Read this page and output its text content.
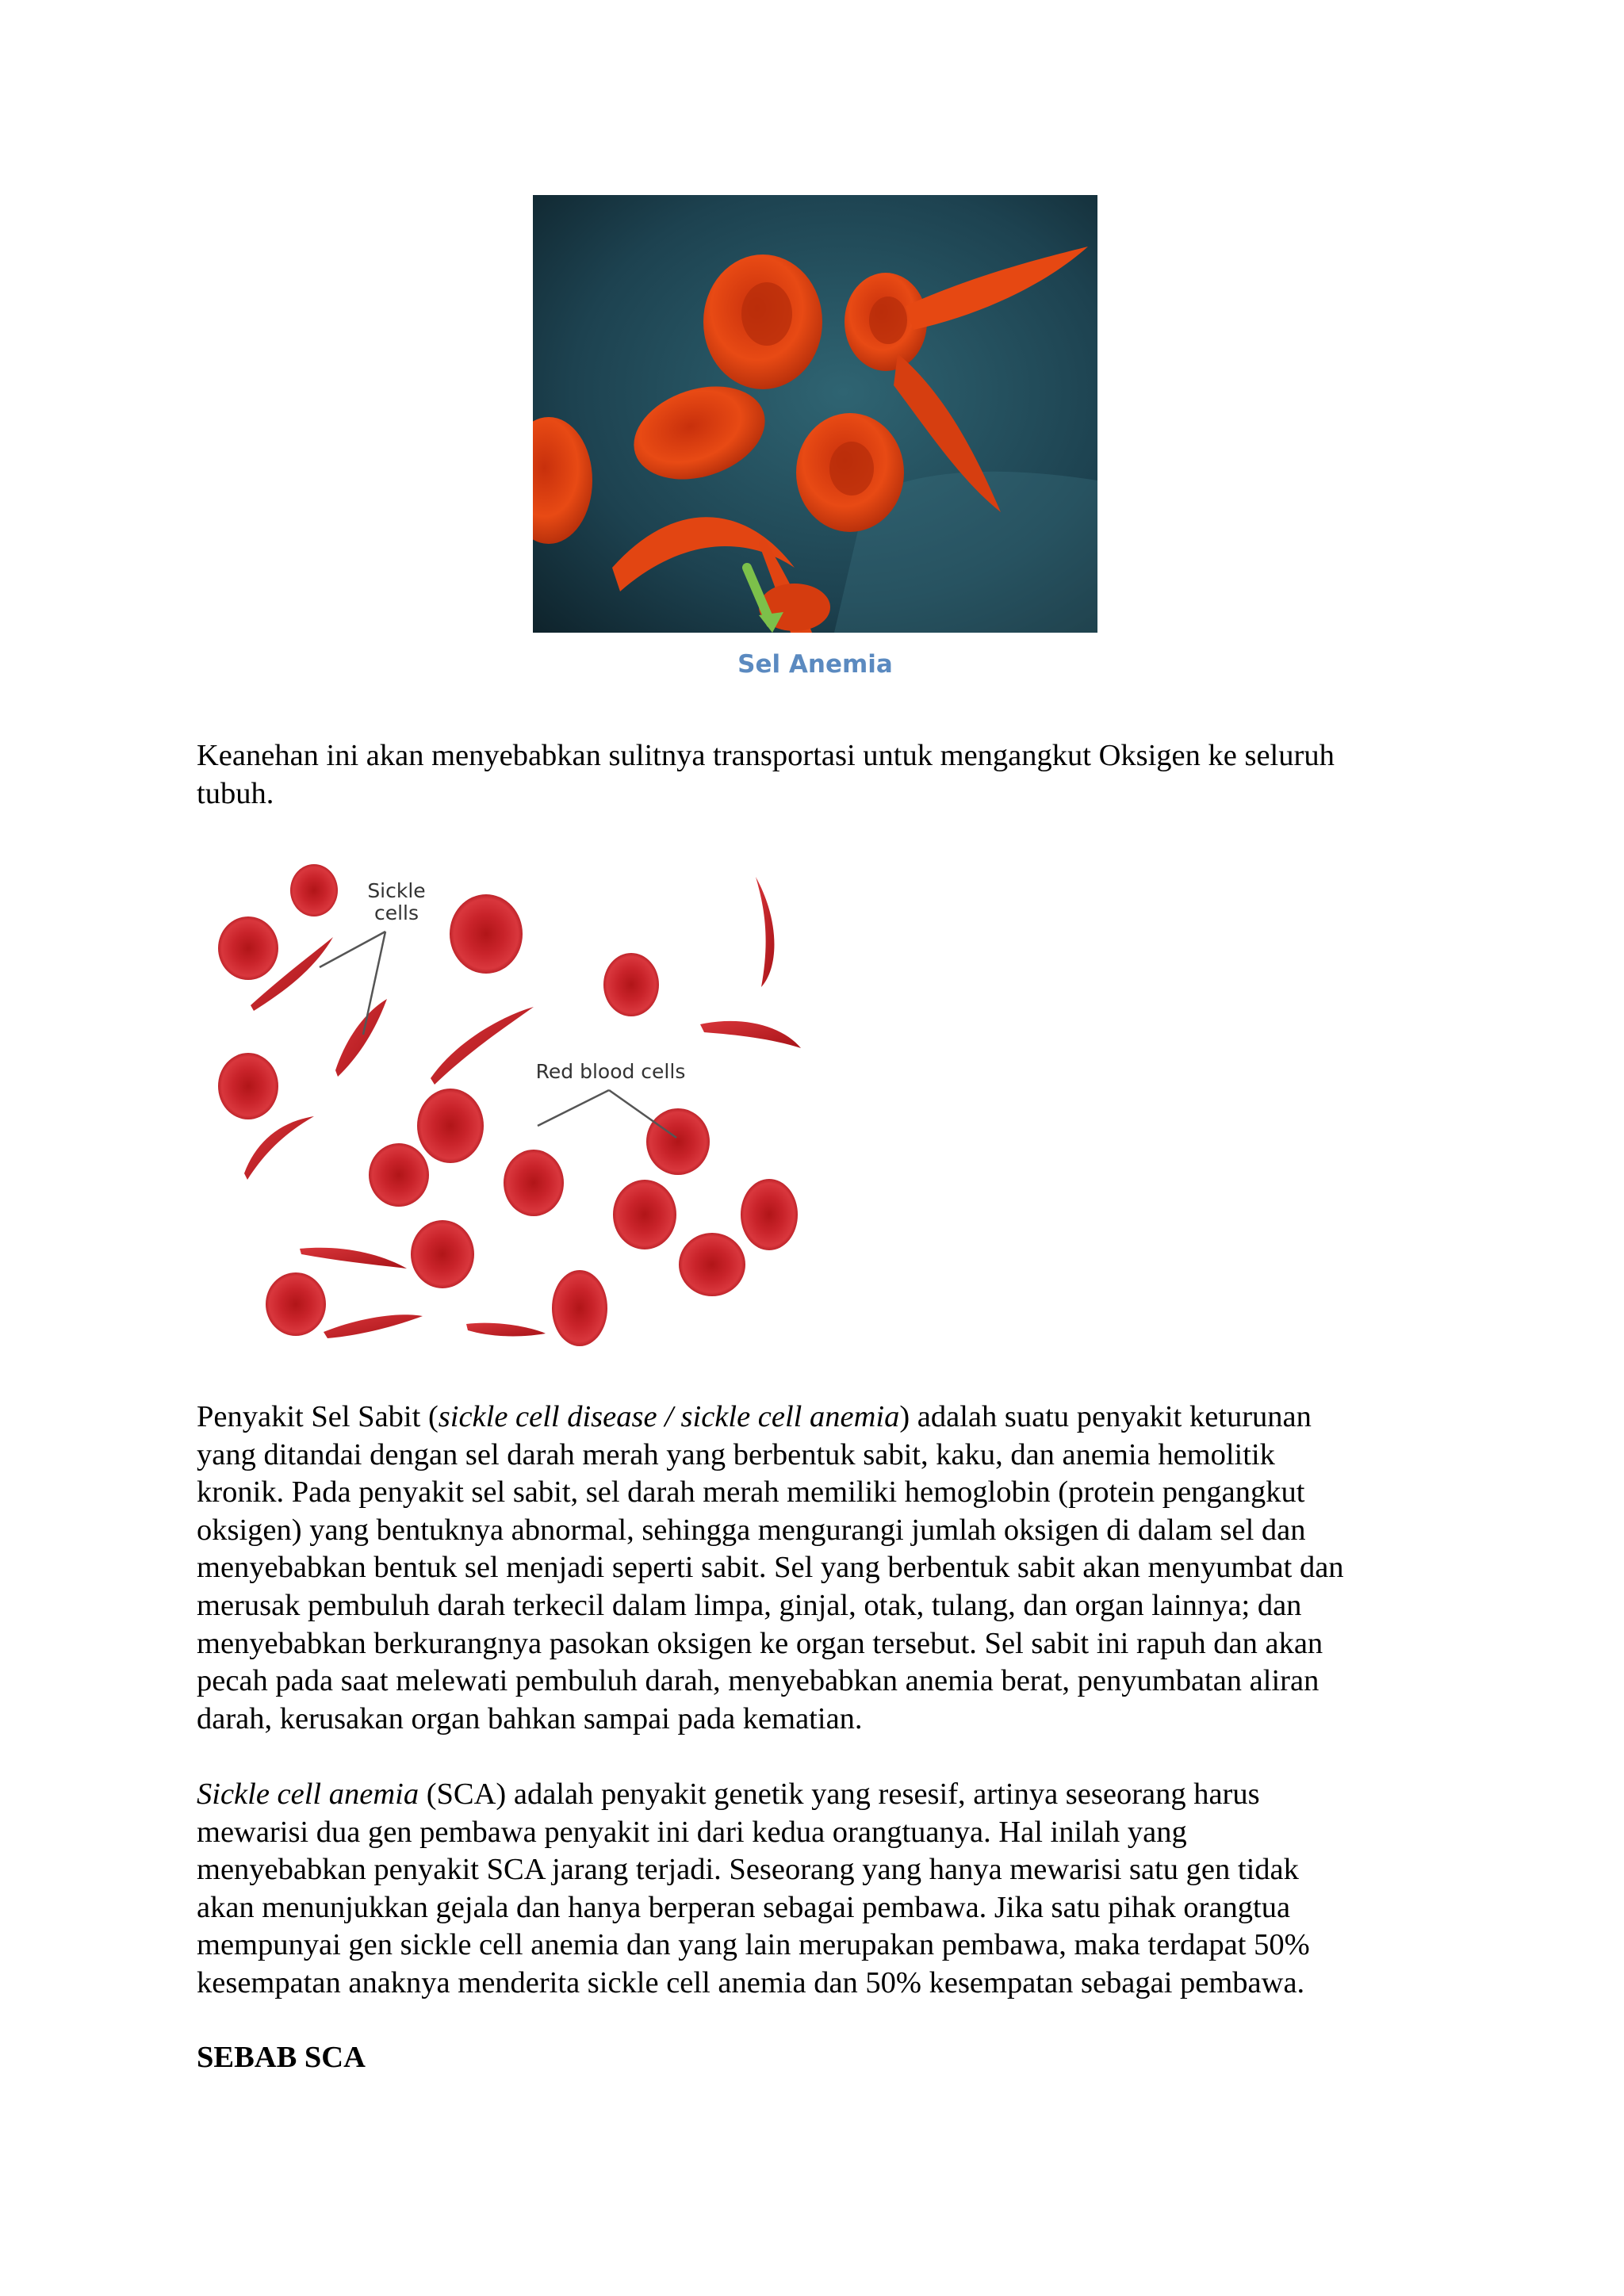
Sel Anemia
Keanehan ini akan menyebabkan sulitnya transportasi untuk mengangkut Oksigen ke seluruh
tubuh.
Sickle
cells
Red blood cells
Penyakit Sel Sabit (sickle cell disease / sickle cell anemia) adalah suatu penyakit keturunan
yang ditandai dengan sel darah merah yang berbentuk sabit, kaku, dan anemia hemolitik
kronik. Pada penyakit sel sabit, sel darah merah memiliki hemoglobin (protein pengangkut
oksigen) yang bentuknya abnormal, sehingga mengurangi jumlah oksigen di dalam sel dan
menyebabkan bentuk sel menjadi seperti sabit. Sel yang berbentuk sabit akan menyumbat dan
merusak pembuluh darah terkecil dalam limpa, ginjal, otak, tulang, dan organ lainnya; dan
menyebabkan berkurangnya pasokan oksigen ke organ tersebut. Sel sabit ini rapuh dan akan
pecah pada saat melewati pembuluh darah, menyebabkan anemia berat, penyumbatan aliran
darah, kerusakan organ bahkan sampai pada kematian.
Sickle cell anemia (SCA) adalah penyakit genetik yang resesif, artinya seseorang harus
mewarisi dua gen pembawa penyakit ini dari kedua orangtuanya. Hal inilah yang
menyebabkan penyakit SCA jarang terjadi. Seseorang yang hanya mewarisi satu gen tidak
akan menunjukkan gejala dan hanya berperan sebagai pembawa. Jika satu pihak orangtua
mempunyai gen sickle cell anemia dan yang lain merupakan pembawa, maka terdapat 50%
kesempatan anaknya menderita sickle cell anemia dan 50% kesempatan sebagai pembawa.
SEBAB SCA
